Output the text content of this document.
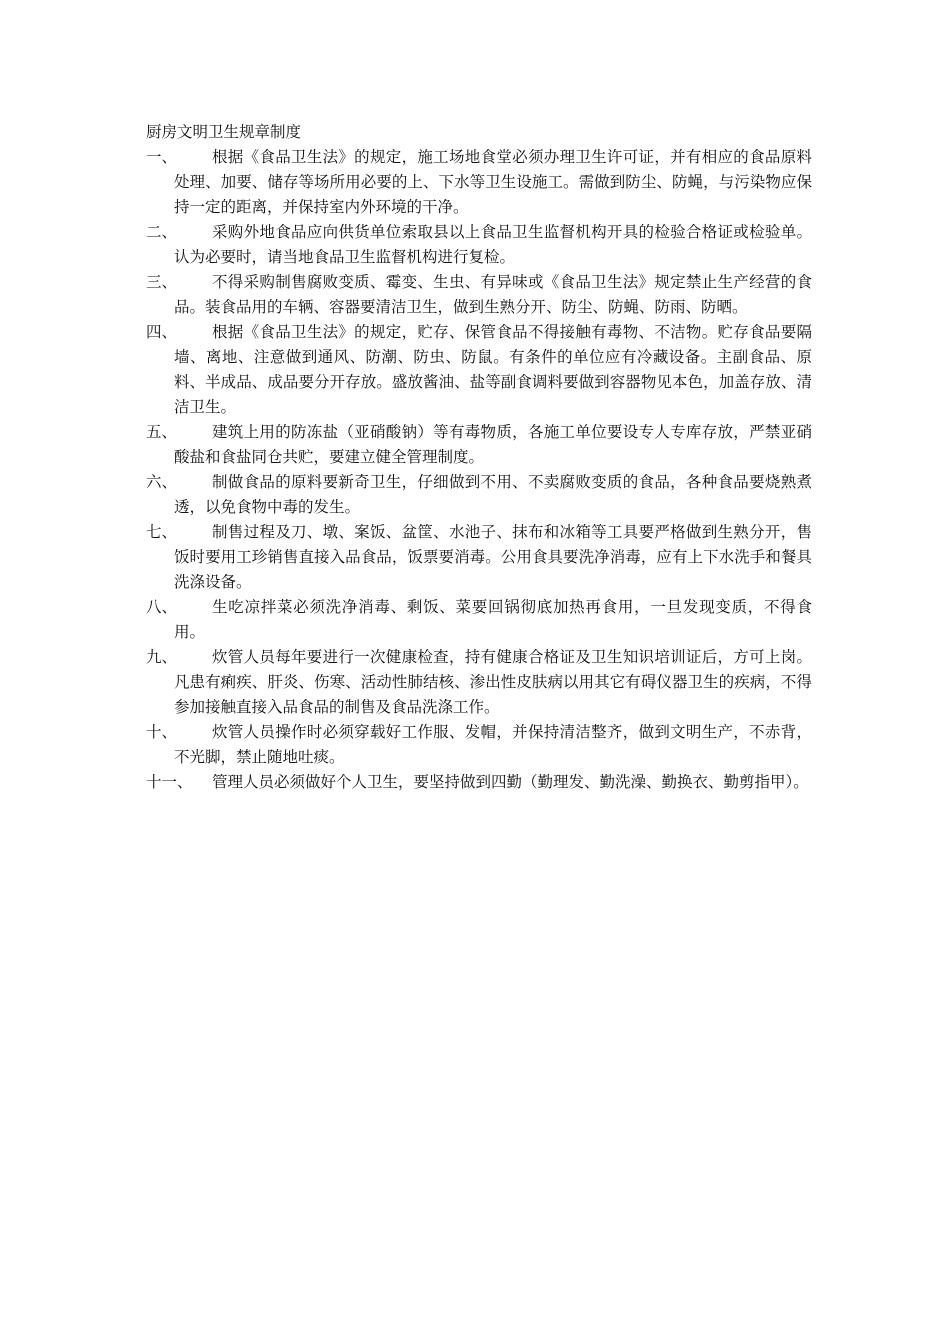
厨房文明卫生规章制度
一、	根据《食品卫生法》的规定，施工场地食堂必须办理卫生许可证，并有相应的食品原料处理、加要、储存等场所用必要的上、下水等卫生设施工。需做到防尘、防蝇，与污染物应保持一定的距离，并保持室内外环境的干净。
二、	采购外地食品应向供货单位索取县以上食品卫生监督机构开具的检验合格证或检验单。认为必要时，请当地食品卫生监督机构进行复检。
三、	不得采购制售腐败变质、霉变、生虫、有异味或《食品卫生法》规定禁止生产经营的食品。装食品用的车辆、容器要清洁卫生，做到生熟分开、防尘、防蝇、防雨、防晒。
四、	根据《食品卫生法》的规定，贮存、保管食品不得接触有毒物、不洁物。贮存食品要隔墙、离地、注意做到通风、防潮、防虫、防鼠。有条件的单位应有冷藏设备。主副食品、原料、半成品、成品要分开存放。盛放酱油、盐等副食调料要做到容器物见本色，加盖存放、清洁卫生。
五、	建筑上用的防冻盐（亚硝酸钠）等有毒物质，各施工单位要设专人专库存放，严禁亚硝酸盐和食盐同仓共贮，要建立健全管理制度。
六、	制做食品的原料要新奇卫生，仔细做到不用、不卖腐败变质的食品，各种食品要烧熟煮透，以免食物中毒的发生。
七、	制售过程及刀、墩、案饭、盆筐、水池子、抹布和冰箱等工具要严格做到生熟分开，售饭时要用工珍销售直接入品食品，饭票要消毒。公用食具要洗净消毒，应有上下水洗手和餐具洗涤设备。
八、	生吃凉拌菜必须洗净消毒、剩饭、菜要回锅彻底加热再食用，一旦发现变质，不得食用。
九、	炊管人员每年要进行一次健康检查，持有健康合格证及卫生知识培训证后，方可上岗。凡患有痢疾、肝炎、伤寒、活动性肺结核、渗出性皮肤病以用其它有碍仪器卫生的疾病，不得参加接触直接入品食品的制售及食品洗涤工作。
十、	炊管人员操作时必须穿载好工作服、发帽，并保持清洁整齐，做到文明生产，不赤背，不光脚，禁止随地吐痰。
十一、	管理人员必须做好个人卫生，要坚持做到四勤（勤理发、勤洗澡、勤换衣、勤剪指甲）。
